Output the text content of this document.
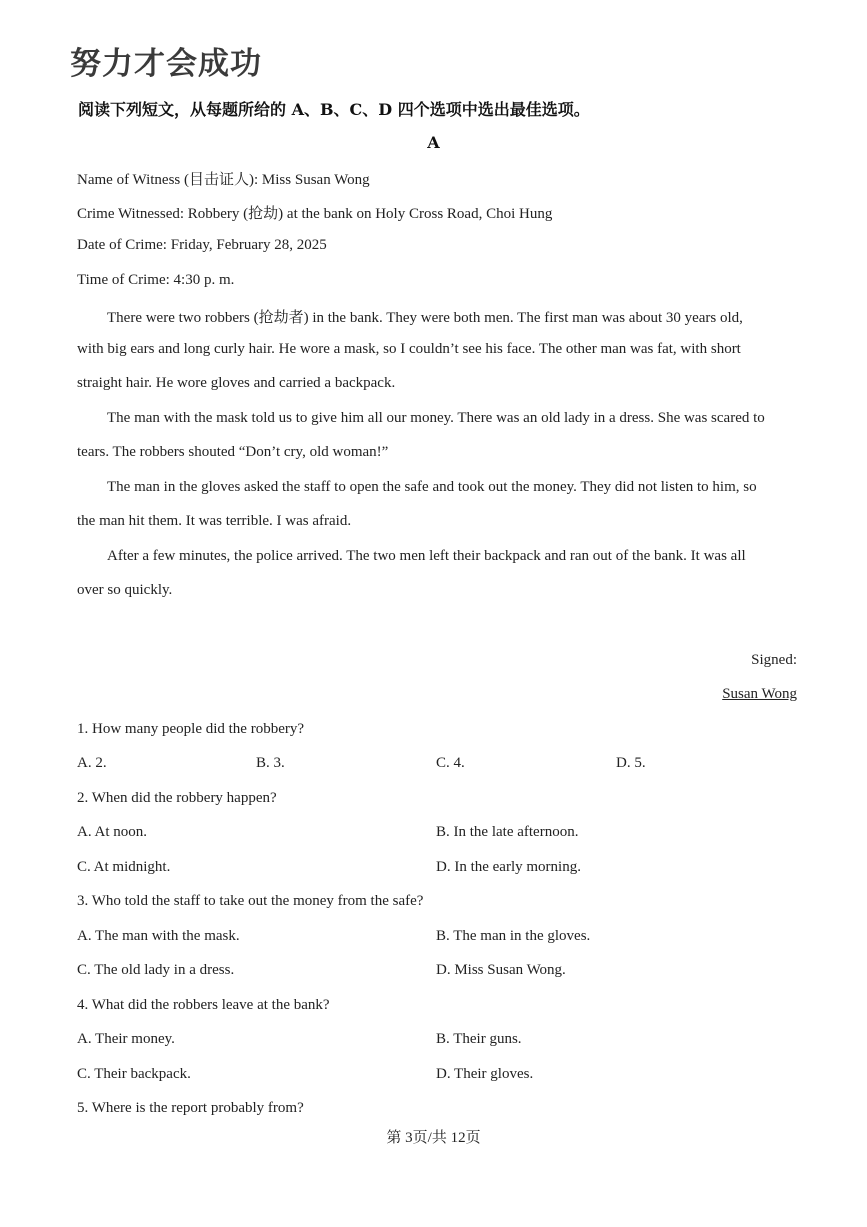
努力才会成功
阅读下列短文，从每题所给的 A、B、C、D 四个选项中选出最佳选项。
A
Name of Witness (目击证人): Miss Susan Wong
Crime Witnessed: Robbery (抢劫) at the bank on Holy Cross Road, Choi Hung
Date of Crime: Friday, February 28, 2025
Time of Crime: 4:30 p. m.
There were two robbers (抢劫者) in the bank. They were both men. The first man was about 30 years old,
with big ears and long curly hair. He wore a mask, so I couldn’t see his face. The other man was fat, with short
straight hair. He wore gloves and carried a backpack.
The man with the mask told us to give him all our money. There was an old lady in a dress. She was scared to
tears. The robbers shouted “Don’t cry, old woman!”
The man in the gloves asked the staff to open the safe and took out the money. They did not listen to him, so
the man hit them. It was terrible. I was afraid.
After a few minutes, the police arrived. The two men left their backpack and ran out of the bank. It was all
over so quickly.
Signed:
Susan Wong
1. How many people did the robbery?
A. 2.	B. 3.	C. 4.	D. 5.
2. When did the robbery happen?
A. At noon.	B. In the late afternoon.
C. At midnight.	D. In the early morning.
3. Who told the staff to take out the money from the safe?
A. The man with the mask.	B. The man in the gloves.
C. The old lady in a dress.	D. Miss Susan Wong.
4. What did the robbers leave at the bank?
A. Their money.	B. Their guns.
C. Their backpack.	D. Their gloves.
5. Where is the report probably from?
第 3页/共 12页
